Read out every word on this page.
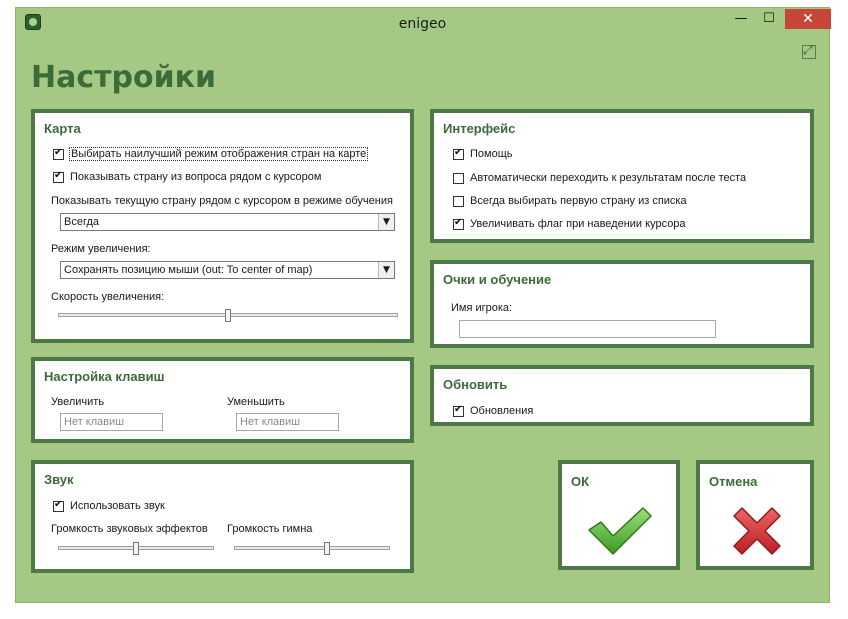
enigeo	—	☐	✕
⤢
Настройки
Карта
✔
Выбирать наилучший режим отображения стран на карте
✔
Показывать страну из вопроса рядом с курсором
Показывать текущую страну рядом с курсором в режиме обучения
Всегда	▼
Режим увеличения:
Сохранять позицию мыши (out: To center of map)	▼
Скорость увеличения:
Настройка клавиш
Увеличить
Нет клавиш
Уменьшить
Нет клавиш
Звук
✔
Использовать звук
Громкость звуковых эффектов Громкость гимна
Интерфейс
✔
Помощь
Автоматически переходить к результатам после теста
Всегда выбирать первую страну из списка
✔
Увеличивать флаг при наведении курсора
Очки и обучение
Имя игрока:
Обновить
✔
Обновления
ОК	Отмена
